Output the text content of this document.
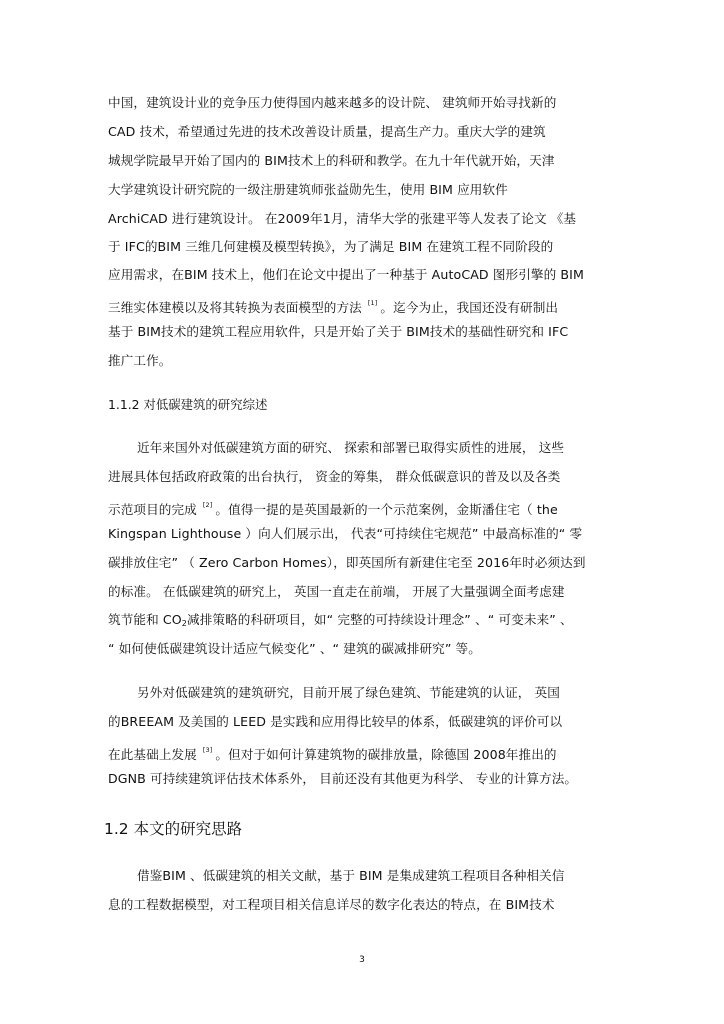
中国，建筑设计业的竞争压力使得国内越来越多的设计院、 建筑师开始寻找新的
CAD 技术，希望通过先进的技术改善设计质量，提高生产力。重庆大学的建筑
城规学院最早开始了国内的 BIM技术上的科研和教学。在九十年代就开始，天津
大学建筑设计研究院的一级注册建筑师张益勋先生，使用 BIM 应用软件
ArchiCAD 进行建筑设计。 在2009年1月，清华大学的张建平等人发表了论文 《基
于 IFC的BIM 三维几何建模及模型转换》，为了满足 BIM 在建筑工程不同阶段的
应用需求，在BIM 技术上，他们在论文中提出了一种基于 AutoCAD 图形引擎的 BIM
三维实体建模以及将其转换为表面模型的方法 [1] 。迄今为止，我国还没有研制出
基于 BIM技术的建筑工程应用软件，只是开始了关于 BIM技术的基础性研究和 IFC
推广工作。
1.1.2 对低碳建筑的研究综述
近年来国外对低碳建筑方面的研究、 探索和部署已取得实质性的进展， 这些
进展具体包括政府政策的出台执行， 资金的筹集， 群众低碳意识的普及以及各类
示范项目的完成 [2] 。值得一提的是英国最新的一个示范案例，金斯潘住宅（ the
Kingspan Lighthouse ）向人们展示出， 代表“可持续住宅规范” 中最高标准的“ 零
碳排放住宅” （ Zero Carbon Homes），即英国所有新建住宅至 2016年时必须达到
的标准。 在低碳建筑的研究上， 英国一直走在前端， 开展了大量强调全面考虑建
筑节能和 $CO_2$减排策略的科研项目，如“ 完整的可持续设计理念” 、“ 可变未来” 、
“ 如何使低碳建筑设计适应气候变化” 、“ 建筑的碳减排研究” 等。
另外对低碳建筑的建筑研究，目前开展了绿色建筑、节能建筑的认证， 英国
的BREEAM 及美国的 LEED 是实践和应用得比较早的体系，低碳建筑的评价可以
在此基础上发展 [3] 。但对于如何计算建筑物的碳排放量，除德国 2008年推出的
DGNB 可持续建筑评估技术体系外， 目前还没有其他更为科学、 专业的计算方法。
1.2 本文的研究思路
借鉴BIM 、低碳建筑的相关文献，基于 BIM 是集成建筑工程项目各种相关信
息的工程数据模型，对工程项目相关信息详尽的数字化表达的特点，在 BIM技术
3
